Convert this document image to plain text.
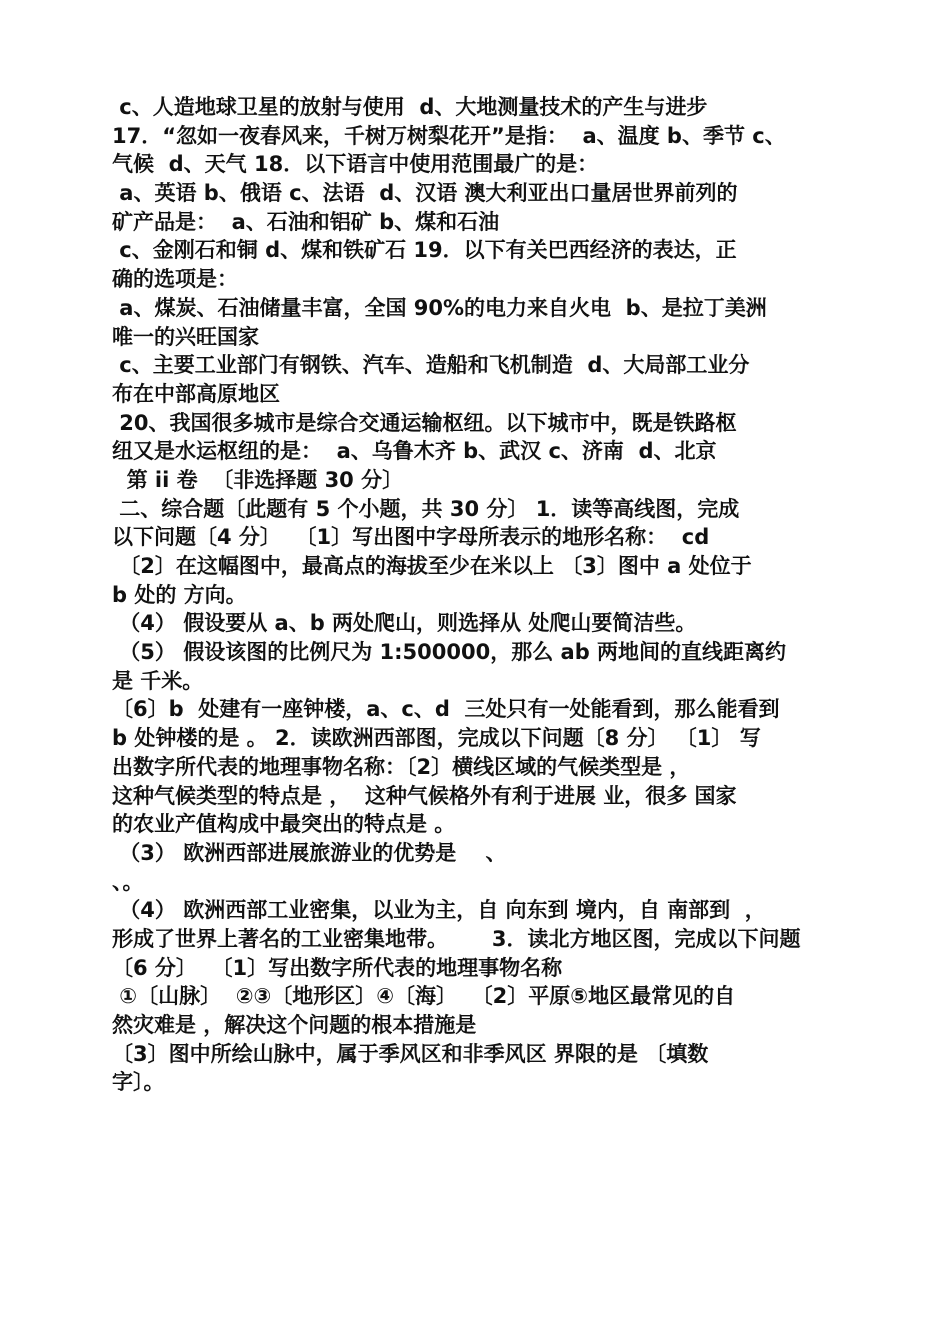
c、人造地球卫星的放射与使用  d、大地测量技术的产生与进步
17．“忽如一夜春风来，千树万树梨花开”是指：  a、温度 b、季节 c、
气候  d、天气 18．以下语言中使用范围最广的是：
a、英语 b、俄语 c、法语  d、汉语 澳大利亚出口量居世界前列的
矿产品是：  a、石油和铝矿 b、煤和石油
c、金刚石和铜 d、煤和铁矿石 19．以下有关巴西经济的表达，正
确的选项是：
a、煤炭、石油储量丰富，全国 90%的电力来自火电  b、是拉丁美洲
唯一的兴旺国家
c、主要工业部门有钢铁、汽车、造船和飞机制造  d、大局部工业分
布在中部高原地区
20、我国很多城市是综合交通运输枢纽。以下城市中，既是铁路枢
纽又是水运枢纽的是：  a、乌鲁木齐 b、武汉 c、济南  d、北京
第 ii 卷  〔非选择题 30 分〕
二、综合题〔此题有 5 个小题，共 30 分〕 1．读等高线图，完成
以下问题〔4 分〕  〔1〕写出图中字母所表示的地形名称：  cd
〔2〕在这幅图中，最高点的海拔至少在米以上 〔3〕图中 a 处位于
b 处的 方向。
（4） 假设要从 a、b 两处爬山，则选择从 处爬山要简洁些。
（5） 假设该图的比例尺为 1:500000，那么 ab 两地间的直线距离约
是 千米。
〔6〕b  处建有一座钟楼，a、c、d  三处只有一处能看到，那么能看到
b 处钟楼的是 。 2．读欧洲西部图，完成以下问题〔8 分〕 〔1〕 写
出数字所代表的地理事物名称：〔2〕横线区域的气候类型是 ，
这种气候类型的特点是 ，  这种气候格外有利于进展 业，很多 国家
的农业产值构成中最突出的特点是 。
（3） 欧洲西部进展旅游业的优势是    、
、。
（4） 欧洲西部工业密集，以业为主，自 向东到 境内，自 南部到  ，
形成了世界上著名的工业密集地带。      3．读北方地区图，完成以下问题
〔6 分〕  〔1〕写出数字所代表的地理事物名称
①〔山脉〕  ②③〔地形区〕④〔海〕  〔2〕平原⑤地区最常见的自
然灾难是 ，解决这个问题的根本措施是
〔3〕图中所绘山脉中，属于季风区和非季风区 界限的是 〔填数
字〕。
